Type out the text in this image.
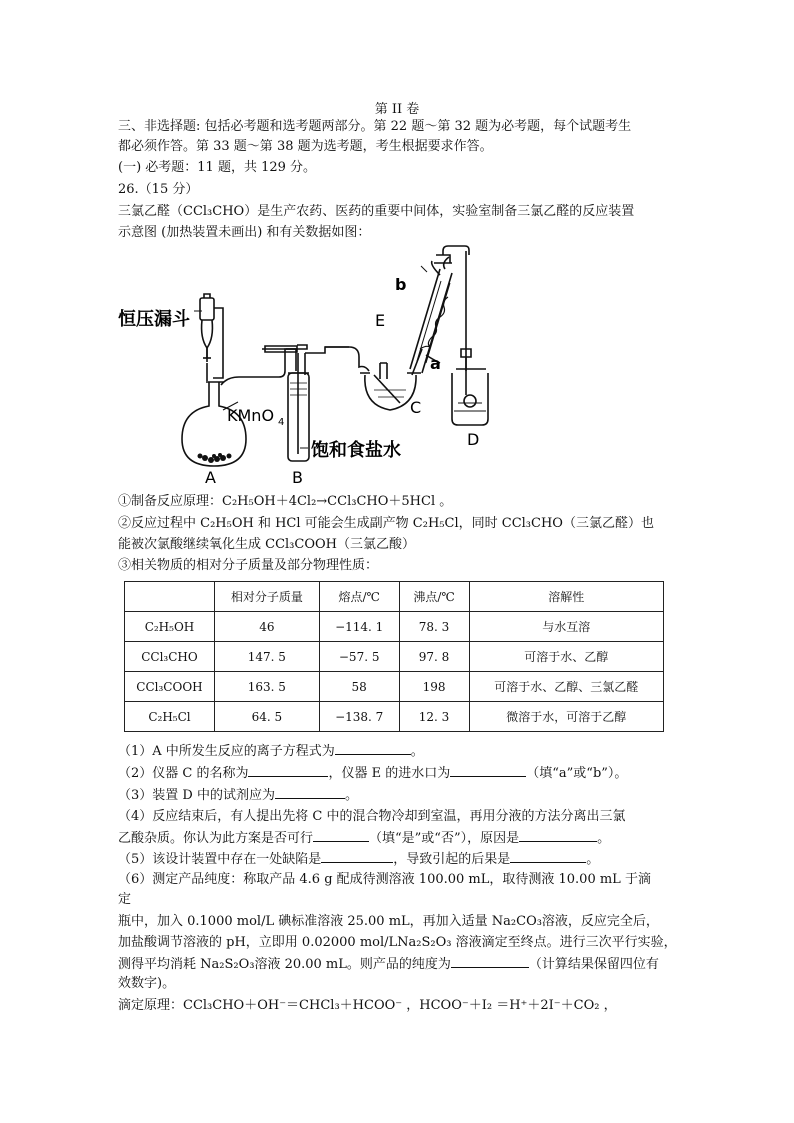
第 II 卷
三、非选择题: 包括必考题和选考题两部分。第 22 题～第 32 题为必考题，每个试题考生
都必须作答。第 33 题～第 38 题为选考题，考生根据要求作答。
(一) 必考题：11 题，共 129 分。
26.（15 分）
三氯乙醛（CCl₃CHO）是生产农药、医药的重要中间体，实验室制备三氯乙醛的反应装置
示意图 (加热装置未画出) 和有关数据如图：
恒压漏斗
KMnO 4
饱和食盐水
A	B
C
D
E
a
b
①制备反应原理：C₂H₅OH＋4Cl₂→CCl₃CHO＋5HCl 。
②反应过程中 C₂H₅OH 和 HCl 可能会生成副产物 C₂H₅Cl，同时 CCl₃CHO（三氯乙醛）也
能被次氯酸继续氧化生成 CCl₃COOH（三氯乙酸）
③相关物质的相对分子质量及部分物理性质：
	相对分子质量	熔点/℃	沸点/℃	溶解性
C₂H₅OH	46	−114. 1	78. 3	与水互溶
CCl₃CHO	147. 5	−57. 5	97. 8	可溶于水、乙醇
CCl₃COOH	163. 5	58	198	可溶于水、乙醇、三氯乙醛
C₂H₅Cl	64. 5	−138. 7	12. 3	微溶于水，可溶于乙醇
（1）A 中所发生反应的离子方程式为	。
（2）仪器 C 的名称为	，仪器 E 的进水口为	（填“a”或“b”）。
（3）装置 D 中的试剂应为	。
（4）反应结束后，有人提出先将 C 中的混合物冷却到室温，再用分液的方法分离出三氯
乙酸杂质。你认为此方案是否可行	（填“是”或“否”），原因是	。
（5）该设计装置中存在一处缺陷是	，导致引起的后果是	。
（6）测定产品纯度：称取产品 4.6 g 配成待测溶液 100.00 mL，取待测液 10.00 mL 于滴
定
瓶中，加入 0.1000 mol/L 碘标准溶液 25.00 mL，再加入适量 Na₂CO₃溶液，反应完全后，
加盐酸调节溶液的 pH，立即用 0.02000 mol/LNa₂S₂O₃ 溶液滴定至终点。进行三次平行实验，
测得平均消耗 Na₂S₂O₃溶液 20.00 mL。则产品的纯度为	（计算结果保留四位有
效数字)。
滴定原理：CCl₃CHO＋OH⁻＝CHCl₃＋HCOO⁻ ，HCOO⁻＋I₂ ＝H⁺＋2I⁻＋CO₂ ，
